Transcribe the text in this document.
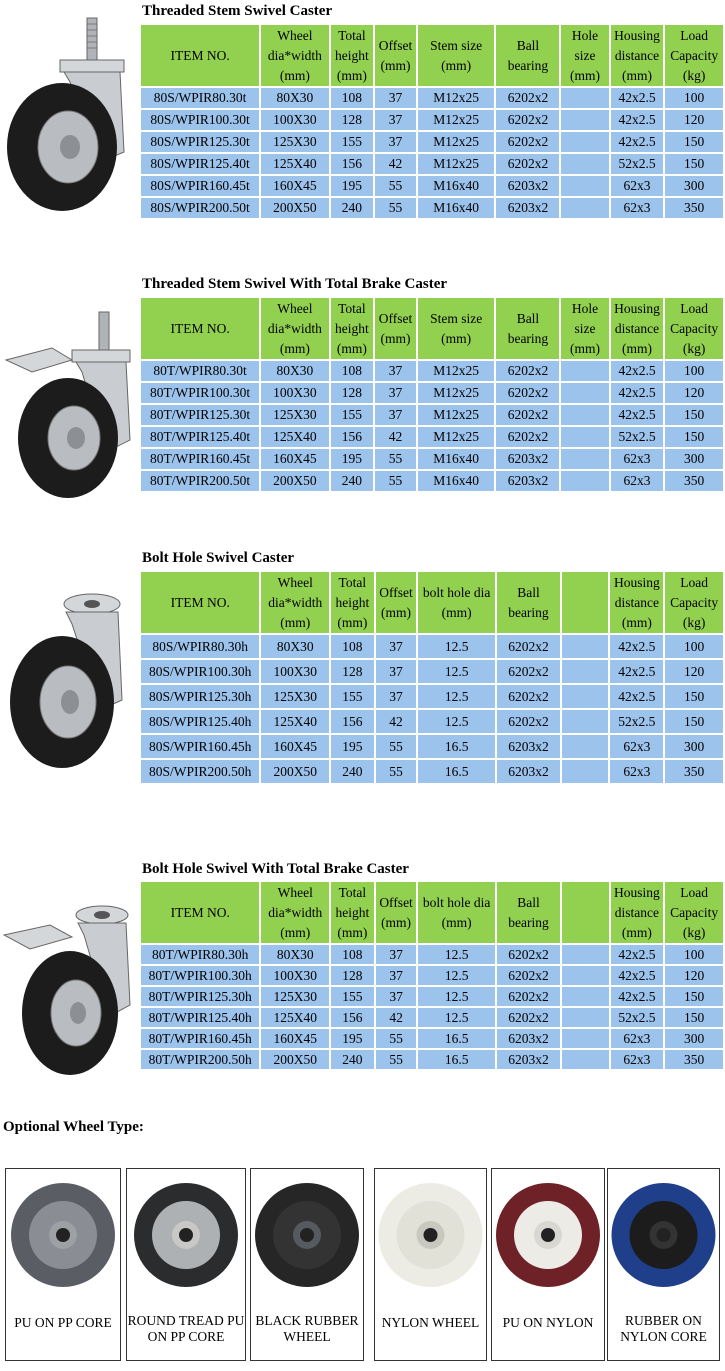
Threaded Stem Swivel Caster
ITEM NO.	Wheel dia*width (mm)	Total height (mm)	Offset (mm)	Stem size (mm)	Ball bearing	Hole size (mm)	Housing distance (mm)	Load Capacity (kg)
80S/WPIR80.30t	80X30	108	37	M12x25	6202x2		42x2.5	100
80S/WPIR100.30t	100X30	128	37	M12x25	6202x2		42x2.5	120
80S/WPIR125.30t	125X30	155	37	M12x25	6202x2		42x2.5	150
80S/WPIR125.40t	125X40	156	42	M12x25	6202x2		52x2.5	150
80S/WPIR160.45t	160X45	195	55	M16x40	6203x2		62x3	300
80S/WPIR200.50t	200X50	240	55	M16x40	6203x2		62x3	350
Threaded Stem Swivel With Total Brake Caster
ITEM NO.	Wheel dia*width (mm)	Total height (mm)	Offset (mm)	Stem size (mm)	Ball bearing	Hole size (mm)	Housing distance (mm)	Load Capacity (kg)
80T/WPIR80.30t	80X30	108	37	M12x25	6202x2		42x2.5	100
80T/WPIR100.30t	100X30	128	37	M12x25	6202x2		42x2.5	120
80T/WPIR125.30t	125X30	155	37	M12x25	6202x2		42x2.5	150
80T/WPIR125.40t	125X40	156	42	M12x25	6202x2		52x2.5	150
80T/WPIR160.45t	160X45	195	55	M16x40	6203x2		62x3	300
80T/WPIR200.50t	200X50	240	55	M16x40	6203x2		62x3	350
Bolt Hole Swivel Caster
ITEM NO.	Wheel dia*width (mm)	Total height (mm)	Offset (mm)	bolt hole dia (mm)	Ball bearing		Housing distance (mm)	Load Capacity (kg)
80S/WPIR80.30h	80X30	108	37	12.5	6202x2		42x2.5	100
80S/WPIR100.30h	100X30	128	37	12.5	6202x2		42x2.5	120
80S/WPIR125.30h	125X30	155	37	12.5	6202x2		42x2.5	150
80S/WPIR125.40h	125X40	156	42	12.5	6202x2		52x2.5	150
80S/WPIR160.45h	160X45	195	55	16.5	6203x2		62x3	300
80S/WPIR200.50h	200X50	240	55	16.5	6203x2		62x3	350
Bolt Hole Swivel With Total Brake Caster
ITEM NO.	Wheel dia*width (mm)	Total height (mm)	Offset (mm)	bolt hole dia (mm)	Ball bearing		Housing distance (mm)	Load Capacity (kg)
80T/WPIR80.30h	80X30	108	37	12.5	6202x2		42x2.5	100
80T/WPIR100.30h	100X30	128	37	12.5	6202x2		42x2.5	120
80T/WPIR125.30h	125X30	155	37	12.5	6202x2		42x2.5	150
80T/WPIR125.40h	125X40	156	42	12.5	6202x2		52x2.5	150
80T/WPIR160.45h	160X45	195	55	16.5	6203x2		62x3	300
80T/WPIR200.50h	200X50	240	55	16.5	6203x2		62x3	350
Optional Wheel Type:
PU ON PP CORE	ROUND TREAD PU ON PP CORE
BLACK RUBBER WHEEL
NYLON WHEEL	PU ON NYLON	RUBBER ON NYLON CORE
